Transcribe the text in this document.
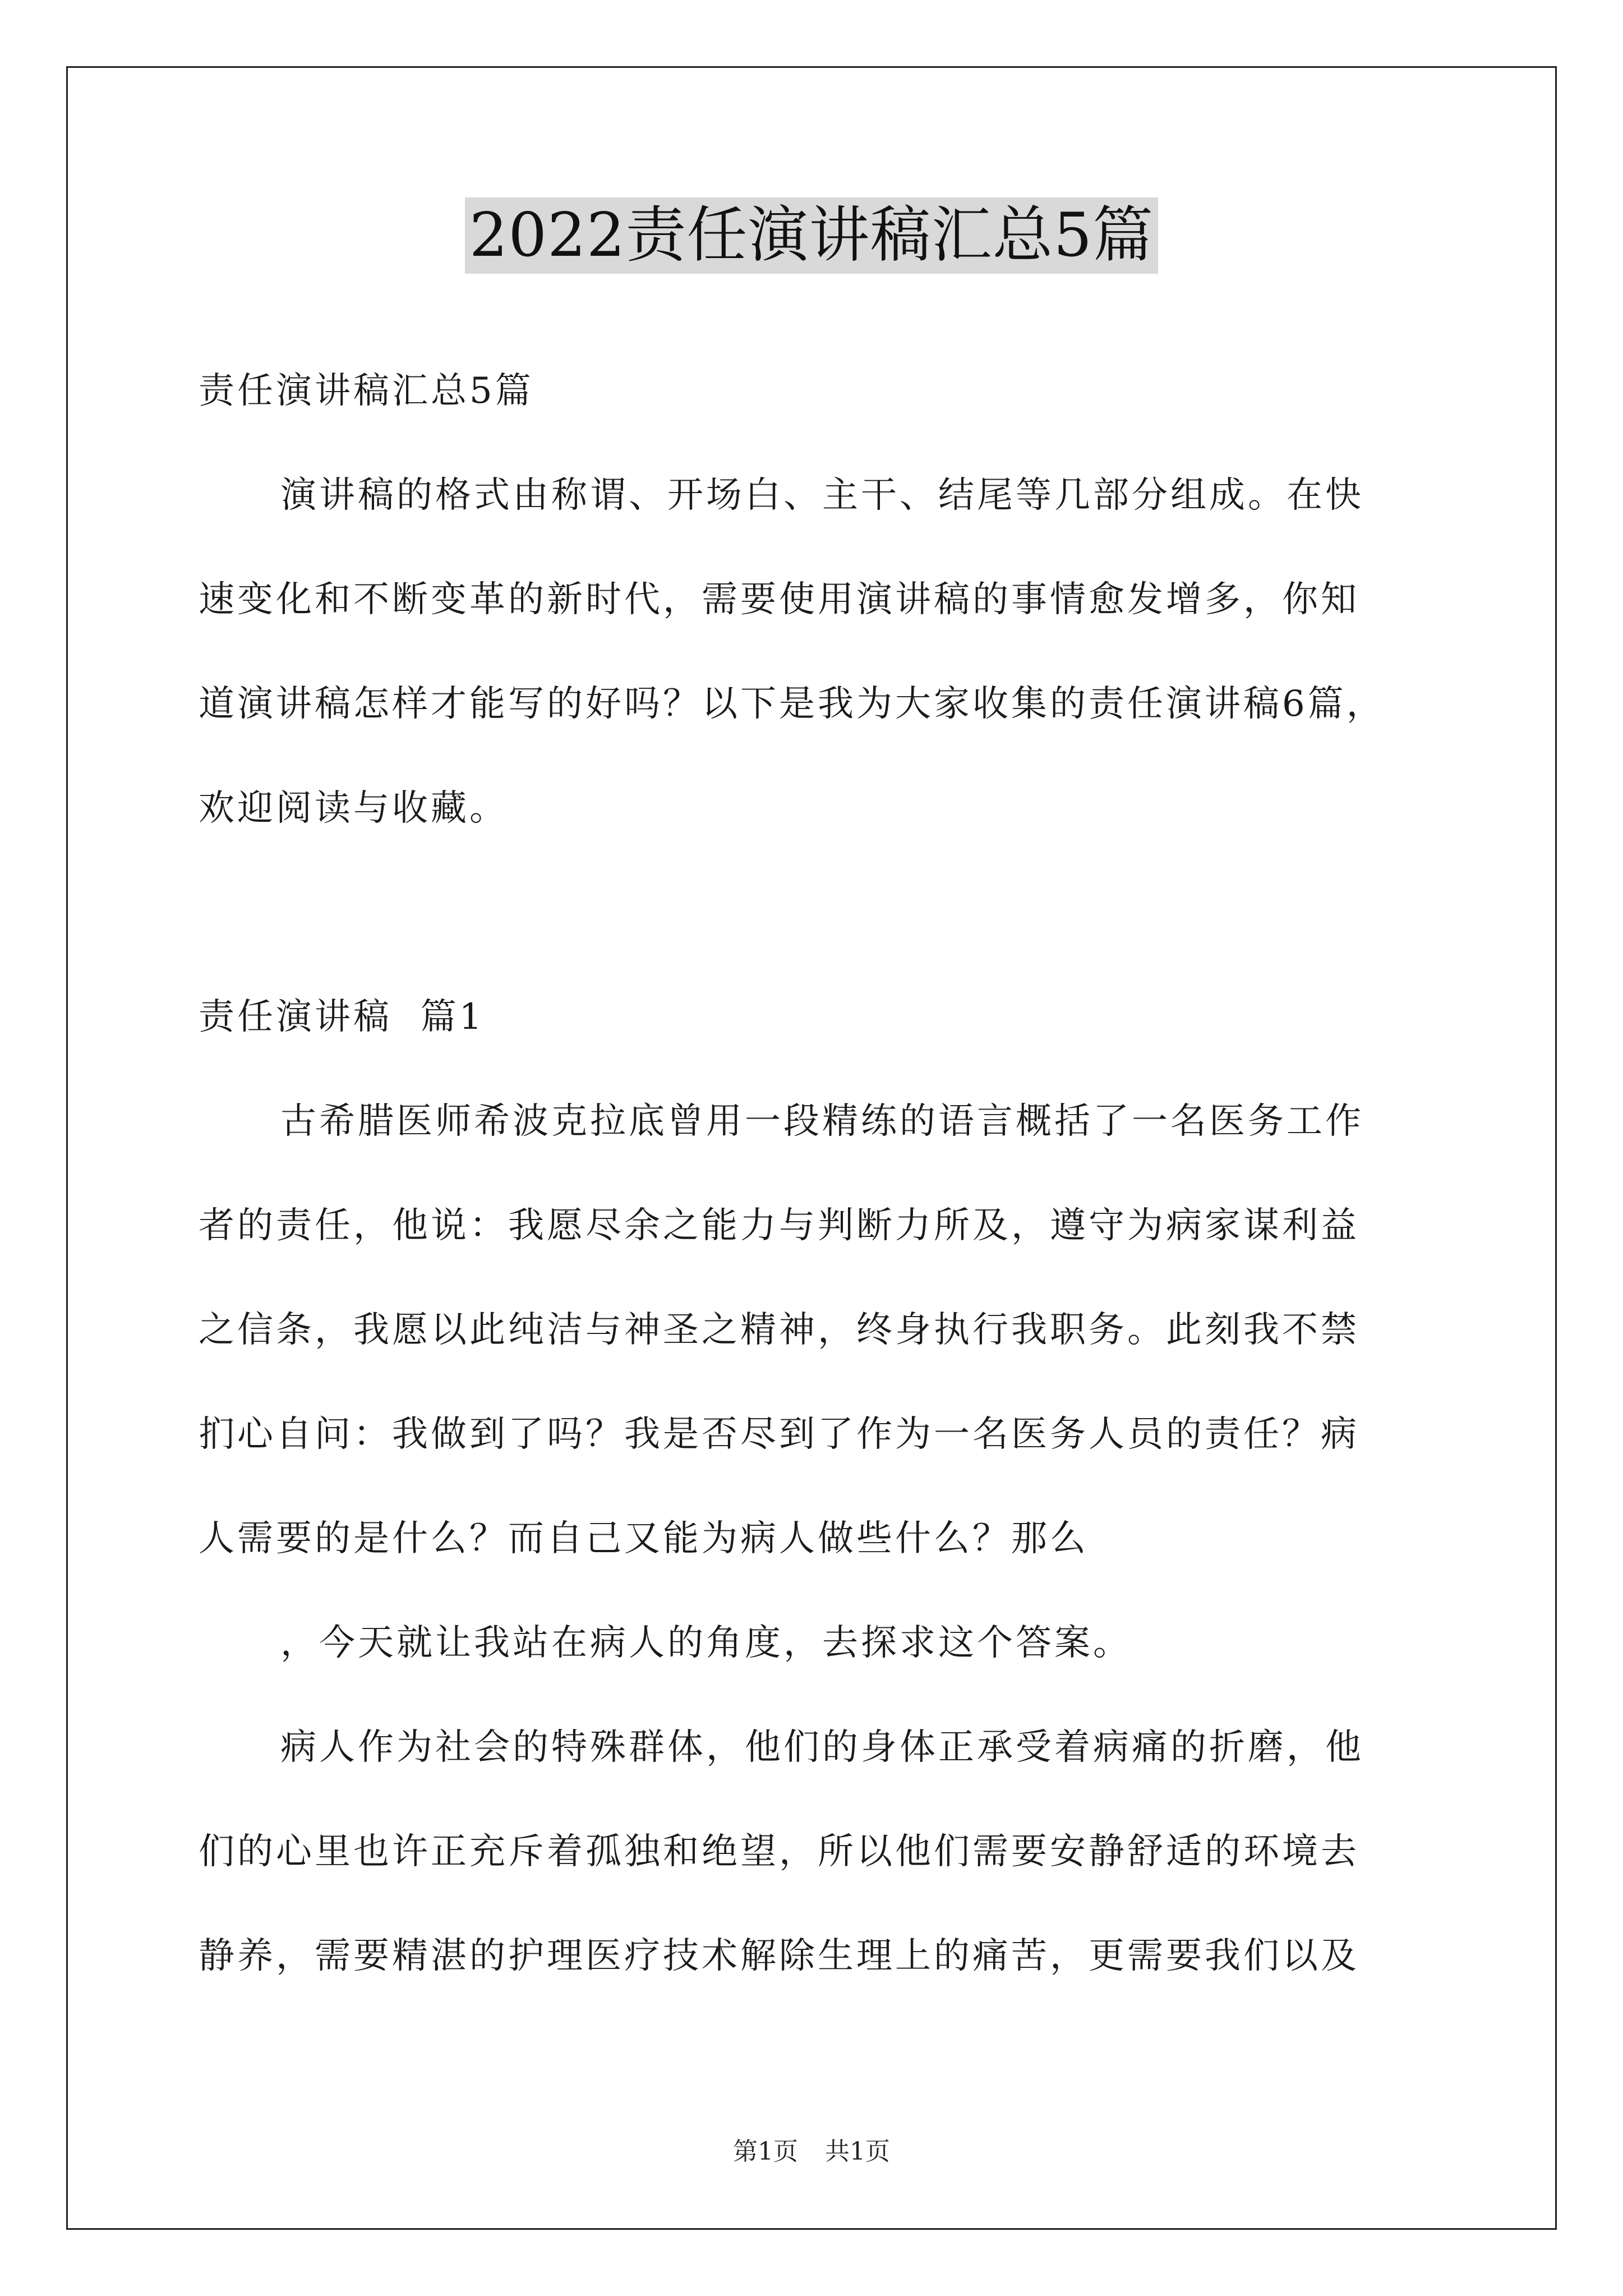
2022责任演讲稿汇总5篇

责任演讲稿汇总5篇

演讲稿的格式由称谓、开场白、主干、结尾等几部分组成。在快
速变化和不断变革的新时代，需要使用演讲稿的事情愈发增多，你知
道演讲稿怎样才能写的好吗？以下是我为大家收集的责任演讲稿6篇，
欢迎阅读与收藏。

责任演讲稿  篇1

古希腊医师希波克拉底曾用一段精练的语言概括了一名医务工作
者的责任，他说：我愿尽余之能力与判断力所及，遵守为病家谋利益
之信条，我愿以此纯洁与神圣之精神，终身执行我职务。此刻我不禁
扪心自问：我做到了吗？我是否尽到了作为一名医务人员的责任？病
人需要的是什么？而自己又能为病人做些什么？那么

，今天就让我站在病人的角度，去探求这个答案。

病人作为社会的特殊群体，他们的身体正承受着病痛的折磨，他
们的心里也许正充斥着孤独和绝望，所以他们需要安静舒适的环境去
静养，需要精湛的护理医疗技术解除生理上的痛苦，更需要我们以及

第1页 共1页
